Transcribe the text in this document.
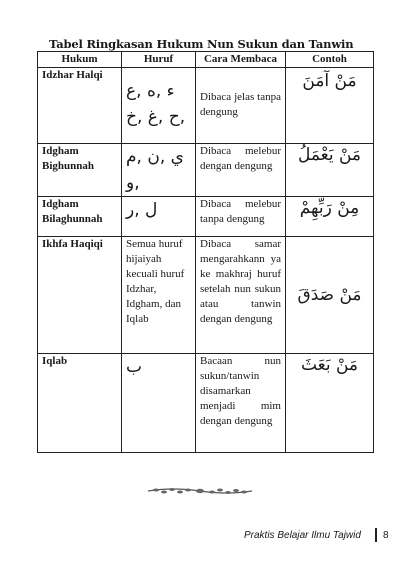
Tabel Ringkasan Hukum Nun Sukun dan Tanwin
Hukum	Huruf	Cara Membaca	Contoh
Idzhar Halqi	ء ,ه ,ع ,ح ,غ ,خ	Dibaca jelas tanpa dengung	مَنْ آمَنَ
Idgham Bighunnah	ي ,ن ,م ,و	Dibaca melebur dengan dengung	مَنْ يَعْمَلُ
Idgham Bilaghunnah	ل ,ر	Dibaca melebur tanpa dengung	مِنْ رَبِّهِمْ
Ikhfa Haqiqi	Semua huruf hijaiyah kecuali huruf Idzhar, Idgham, dan Iqlab	Dibaca samar mengarahkann ya ke makhraj huruf setelah nun sukun atau tanwin dengan dengung	مَنْ صَدَقَ
Iqlab	ب	Bacaan nun sukun/tanwin disamarkan menjadi mim dengan dengung	مَنْ بَعَثَ
Praktis Belajar Ilmu Tajwid 8
